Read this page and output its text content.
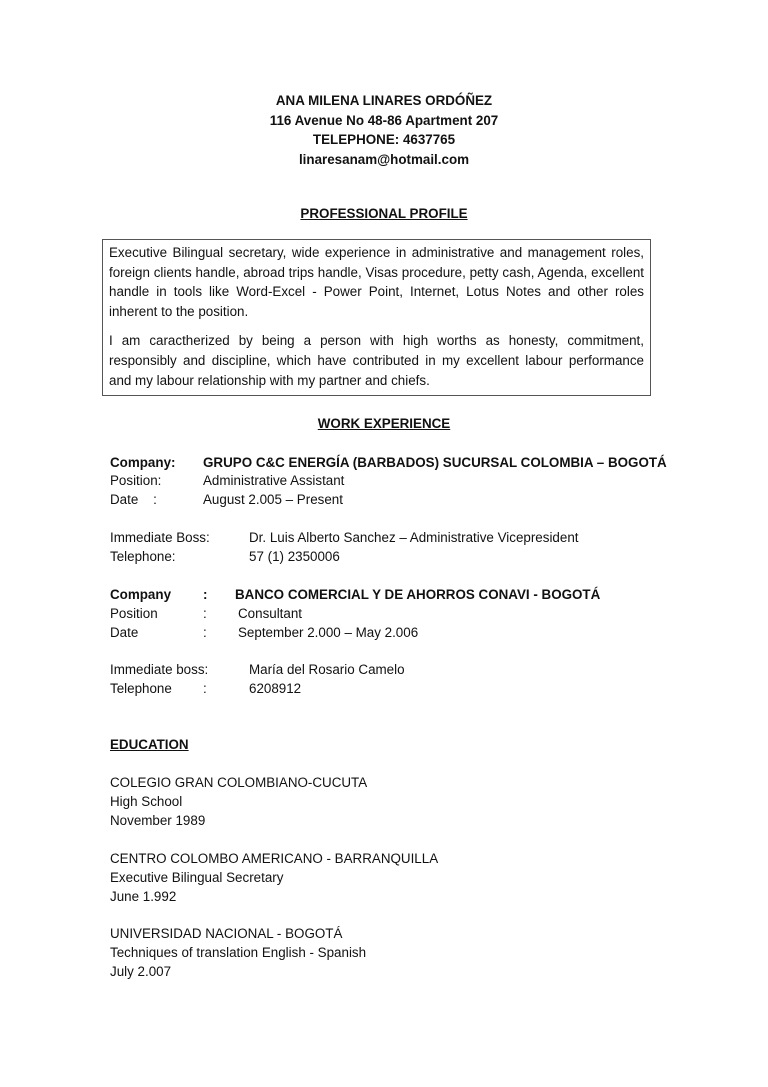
ANA MILENA LINARES ORDÓÑEZ
116 Avenue No 48-86 Apartment 207
TELEPHONE: 4637765
linaresanam@hotmail.com
PROFESSIONAL PROFILE

Executive Bilingual secretary, wide experience in administrative and management roles, foreign clients handle, abroad trips handle, Visas procedure, petty cash, Agenda, excellent handle in tools like Word-Excel - Power Point, Internet, Lotus Notes and other roles inherent to the position.

I am caractherized by being a person with high worths as honesty, commitment, responsibly and discipline, which have contributed in my excellent labour performance and my labour relationship with my partner and chiefs.

WORK EXPERIENCE
Company: GRUPO C&C ENERGÍA (BARBADOS) SUCURSAL COLOMBIA – BOGOTÁ
Position:	Administrative Assistant
Date    :	August 2.005 – Present
Immediate Boss:	Dr. Luis Alberto Sanchez – Administrative Vicepresident
Telephone:	57 (1) 2350006
Company : BANCO COMERCIAL Y DE AHORROS CONAVI - BOGOTÁ
Position	: Consultant
Date	: September 2.000 – May 2.006
Immediate boss:	María del Rosario Camelo
Telephone :	6208912
EDUCATION
COLEGIO GRAN COLOMBIANO-CUCUTA
High School
November 1989
CENTRO COLOMBO AMERICANO - BARRANQUILLA
Executive Bilingual Secretary
June 1.992
UNIVERSIDAD NACIONAL - BOGOTÁ
Techniques of translation English - Spanish
July 2.007
